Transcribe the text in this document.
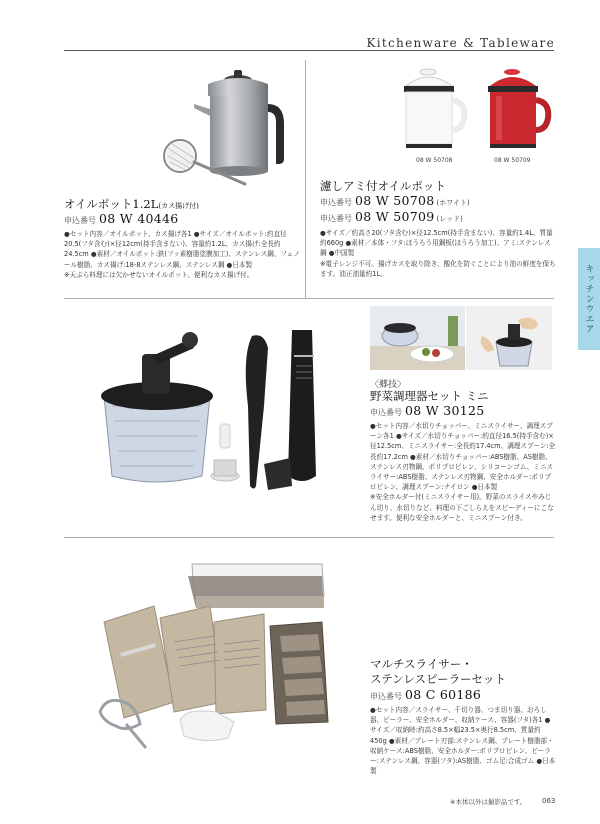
Kitchenware & Tableware
キッチンウエア
オイルポット1.2L(カス揚げ付)
申込番号 08 W 40446

●セット内容／オイルポット、カス揚げ各1 ●サイズ／オイルポット:約直径20.5(フタ含む)×径12cm(持手含まない)、容量約1.2L、カス揚げ:全長約24.5cm ●素材／オイルポット:鉄(フッ素樹脂塗膜加工)、ステンレス鋼、フェノール樹脂、カス揚げ:18-8ステンレス鋼、ステンレス鋼 ●日本製

※天ぷら料理には欠かせないオイルポット。便利なカス揚げ付。

08 W 50708	08 W 50709
濾しアミ付オイルポット
申込番号 08 W 50708 (ホワイト)
申込番号 08 W 50709 (レッド)

●サイズ／約高さ20(フタ含む)×径12.5cm(持手含まない)、容量約1.4L、質量約660g ●素材／本体・フタ:ほうろう用鋼板(ほうろう加工)、アミ:ステンレス鋼 ●中国製

※電子レンジ不可。揚げカスを取り除き、酸化を防ぐことにより油の鮮度を保ちます。油正油量約1L。

〈郷技〉
野菜調理器セット ミニ
申込番号 08 W 30125

●セット内容／水切りチョッパー、ミニスライサー、調理スプーン各1 ●サイズ／水切りチョッパー:約直径16.5(持手含む)×径12.5cm、ミニスライサー:全長約17.4cm、調理スプーン:全長約17.2cm ●素材／水切りチョッパー:ABS樹脂、AS樹脂、ステンレス刃物鋼、ポリプロピレン、シリコーンゴム、ミニスライサー:ABS樹脂、ステンレス刃物鋼、安全ホルダー:ポリプロピレン、調理スプーン:ナイロン ●日本製

※安全ホルダー付(ミニスライサー用)。野菜のスライスやみじん切り、水切りなど、料理の下ごしらえをスピーディーにこなせます。便利な安全ホルダーと、ミニスプーン付き。

マルチスライサー・
ステンレスピーラーセット
申込番号 08 C 60186

●セット内容／スライサー、千切り器、つま切り器、おろし器、ピーラー、安全ホルダー、収納ケース、容器(フタ)各1 ●サイズ／収納時:約高さ8.5×幅23.5×奥行8.5cm、質量約450g ●素材／プレート刃部:ステンレス鋼、プレート樹脂部・収納ケース:ABS樹脂、安全ホルダー:ポリプロピレン、ピーラー:ステンレス鋼、容器(フタ):AS樹脂、ゴム足:合成ゴム ●日本製

※本体以外は撮影品です。 063
